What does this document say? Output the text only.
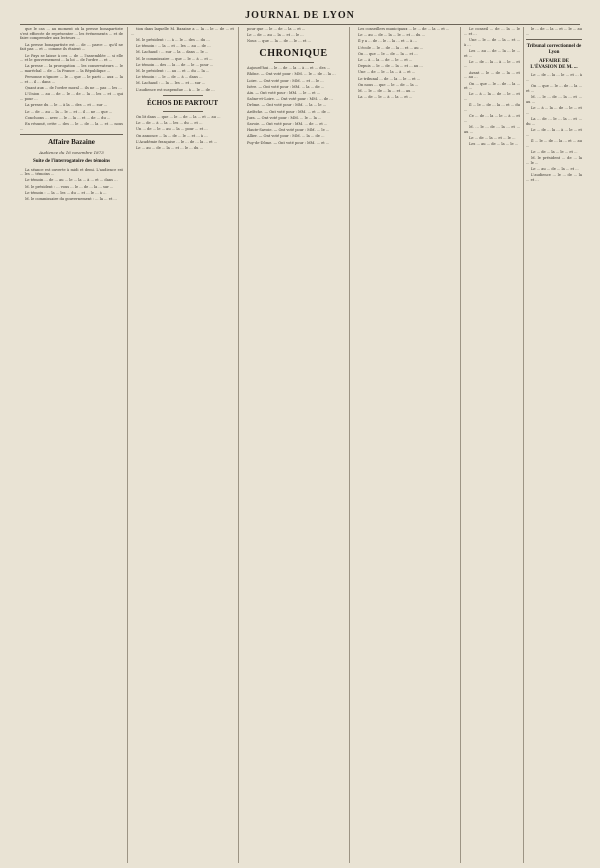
JOURNAL DE LYON

que le cas ... au moment où la presse bonapartiste s'est efforcée de représenter ... les événements ... et de faire comprendre aux lecteurs ...

La presse bonapartiste est ... de ... parce ... qu'il ne fait pas ... et ... comme ils étaient ...

Le Pays se laisse à ces ... de ... l'assemblée ... si elle ... et le gouvernement ... la loi ... de l'ordre ... et ...

La presse ... la prorogation ... les conservateurs ... le ... maréchal ... de ... la France ... la République ...

Personne n'ignore ... le ... que ... le parti ... aux ... la ... et ... il ... dans ...

Quant aux ... de l'ordre moral ... ils ne ... pas ... les ...

L'Union ... au ... de ... le ... de ... la ... les ... et ... qui ... pour ...

La presse du ... le ... à la ... des ... et ... sur ...

Le ... de ... au ... la ... le ... et ... il ... ne ... que ...

Concluons ... avec ... le ... la ... et ... de ... du ...

En résumé, cette ... des ... le ... de ... la ... et ... nous ...

Affaire Bazaine
Audience du 16 novembre 1873
Suite de l'interrogatoire des témoins

La séance est ouverte à midi et demi. L'audience est ... les ... témoins ...

Le témoin ... de ... au ... le ... la ... à ... et ... dans ...

M. le président : ... vous ... le ... de ... la ... sur ...

Le témoin : ... la ... les ... du ... et ... le ... à ...

M. le commissaire du gouvernement : ... la ... et ...

tion dans laquelle M. Bazaine a ... la ... le ... de ... et ...

M. le président : ... à ... le ... des ... du ...

Le témoin : ... la ... et ... les ... au ... de ...

M. Lachaud : ... sur ... la ... dans ... le ...

M. le commissaire ... que ... le ... à ... et ...

Le témoin ... des ... la ... de ... le ... pour ...

M. le président : ... au ... et ... du ... la ...

Le témoin : ... le ... de ... à ... dans ...

M. Lachaud : ... la ... les ... et ... sur ...

L'audience est suspendue ... à ... le ... de ...

ÉCHOS DE PARTOUT

On lit dans ... que ... le ... de ... la ... et ... au ...

Le ... de ... à ... la ... les ... du ... et ...

Un ... de ... le ... au ... la ... pour ... et ...

On annonce ... la ... de ... le ... et ... à ...

L'Académie française ... le ... de ... la ... et ...

Le ... au ... de ... la ... et ... le ... du ...

pour que ... le ... de ... la ... et ...

Le ... de ... au ... la ... et ... le ...

Nous ... que ... la ... de ... le ... et ...

CHRONIQUE

Aujourd'hui ... le ... de ... la ... à ... et ... des ...

Rhône. — Ont voté pour : MM. ... le ... de ... la ...

Loire. — Ont voté pour : MM. ... et ... le ...

Isère. — Ont voté pour : MM. ... la ... de ...

Ain. — Ont voté pour : MM. ... le ... et ...

Saône-et-Loire. — Ont voté pour : MM. ... de ...

Drôme. — Ont voté pour : MM. ... la ... le ...

Ardèche. — Ont voté pour : MM. ... et ... de ...

Jura. — Ont voté pour : MM. ... le ... la ...

Savoie. — Ont voté pour : MM. ... de ... et ...

Haute-Savoie. — Ont voté pour : MM. ... le ...

Allier. — Ont voté pour : MM. ... la ... de ...

Puy-de-Dôme. — Ont voté pour : MM. ... et ...

Les conseillers municipaux ... le ... de ... la ... et ...

Le ... au ... de ... la ... le ... et ... du ...

Il y a ... de ... le ... la ... et ... à ...

L'école ... le ... de ... la ... et ... au ...

On ... que ... le ... de ... la ... et ...

Le ... à ... la ... de ... le ... et ...

Depuis ... le ... de ... la ... et ... au ...

Une ... de ... le ... la ... à ... et ...

Le tribunal ... de ... la ... le ... et ...

On nous ... que ... le ... de ... la ...

M. ... le ... de ... la ... et ... au ...

La ... de ... le ... à ... la ... et ...

Le conseil ... de ... la ... le ... et ...

Une ... le ... de ... la ... et ... à ...

Les ... au ... de ... la ... le ... et ...

Le ... de ... la ... à ... le ... et ...

Avant ... le ... de ... la ... et ... au ...

On ... que ... le ... de ... la ... et ...

Le ... à ... la ... de ... le ... et ...

Il ... le ... de ... la ... et ... du ...

Ce ... de ... la ... le ... à ... et ...

M. ... le ... de ... la ... et ... au ...

Le ... de ... la ... et ... le ...

Les ... au ... de ... la ... le ...

le ... de ... la ... et ... le ... au ...

Tribunal correctionnel de Lyon
AFFAIRE DE L'ÉVASION DE M. ...

Le ... de ... la ... le ... et ... à ...

On ... que ... le ... de ... la ... et ...

M. ... le ... de ... la ... et ... au ...

Le ... à ... la ... de ... le ... et ...

La ... de ... le ... la ... et ... du ...

Le ... de ... la ... à ... le ... et ...

Il ... le ... de ... la ... et ... au ...

Le ... de ... la ... le ... et ...

M. le président ... de ... la ... le ...

Le ... au ... de ... la ... et ...

L'audience ... le ... de ... la ... et ...
